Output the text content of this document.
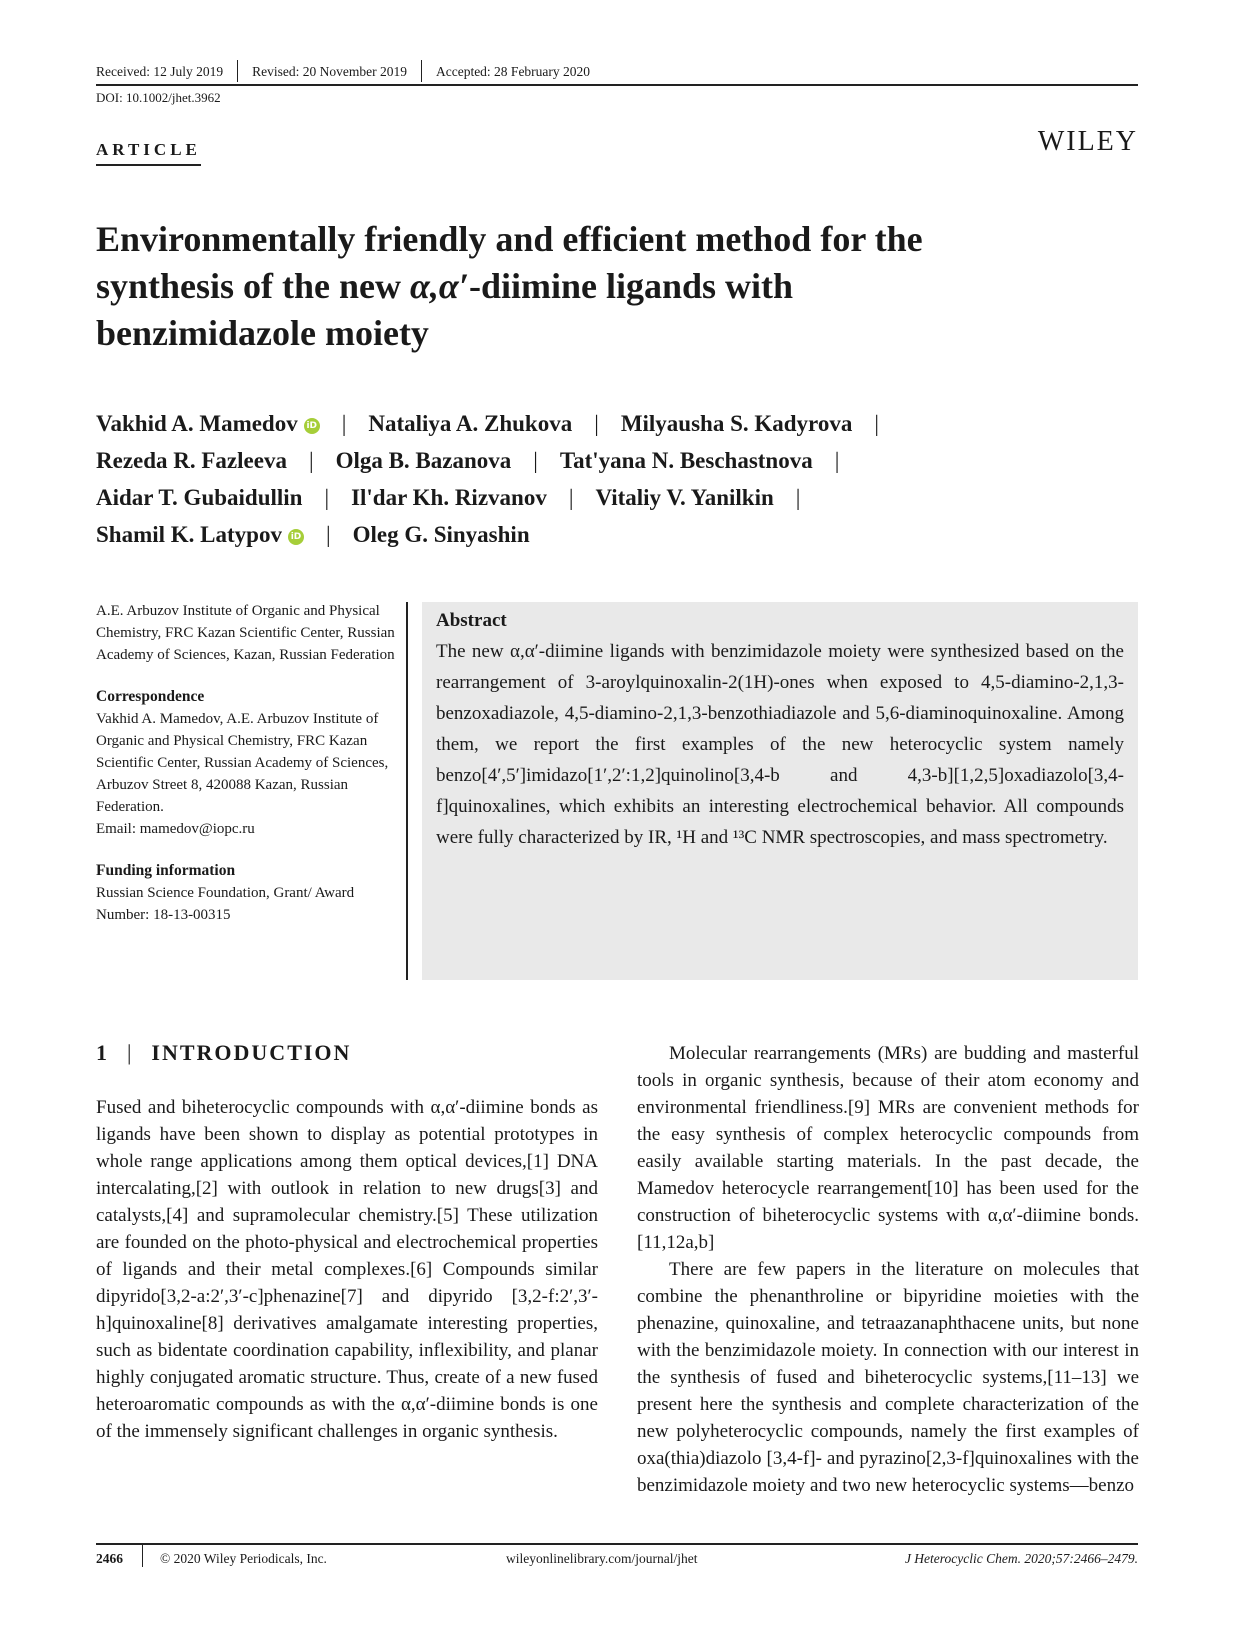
Received: 12 July 2019	Revised: 20 November 2019	Accepted: 28 February 2020
DOI: 10.1002/jhet.3962
ARTICLE	WILEY
Environmentally friendly and efficient method for the
synthesis of the new α,α′-diimine ligands with
benzimidazole moiety
Vakhid A. Mamedov iD | Nataliya A. Zhukova | Milyausha S. Kadyrova |
Rezeda R. Fazleeva | Olga B. Bazanova | Tat'yana N. Beschastnova |
Aidar T. Gubaidullin | Il'dar Kh. Rizvanov | Vitaliy V. Yanilkin |
Shamil K. Latypov iD | Oleg G. Sinyashin

A.E. Arbuzov Institute of Organic and Physical Chemistry, FRC Kazan Scientific Center, Russian Academy of Sciences, Kazan, Russian Federation

Correspondence

Vakhid A. Mamedov, A.E. Arbuzov Institute of Organic and Physical Chemistry, FRC Kazan Scientific Center, Russian Academy of Sciences, Arbuzov Street 8, 420088 Kazan, Russian Federation.

Email: mamedov@iopc.ru

Funding information

Russian Science Foundation, Grant/ Award Number: 18-13-00315

Abstract

The new α,α′-diimine ligands with benzimidazole moiety were synthesized based on the rearrangement of 3-aroylquinoxalin-2(1H)-ones when exposed to 4,5-diamino-2,1,3-benzoxadiazole, 4,5-diamino-2,1,3-benzothiadiazole and 5,6-diaminoquinoxaline. Among them, we report the first examples of the new heterocyclic system namely benzo[4′,5′]imidazo[1′,2′:1,2]quinolino[3,4-b and 4,3-b][1,2,5]oxadiazolo[3,4-f]quinoxalines, which exhibits an interesting electrochemical behavior. All compounds were fully characterized by IR, ¹H and ¹³C NMR spectroscopies, and mass spectrometry.

1 | INTRODUCTION

Fused and biheterocyclic compounds with α,α′-diimine bonds as ligands have been shown to display as potential prototypes in whole range applications among them optical devices,[1] DNA intercalating,[2] with outlook in relation to new drugs[3] and catalysts,[4] and supramolecular chemistry.[5] These utilization are founded on the photo-physical and electrochemical properties of ligands and their metal complexes.[6] Compounds similar dipyrido[3,2-a:2′,3′-c]phenazine[7] and dipyrido [3,2-f:2′,3′-h]quinoxaline[8] derivatives amalgamate interesting properties, such as bidentate coordination capability, inflexibility, and planar highly conjugated aromatic structure. Thus, create of a new fused heteroaromatic compounds as with the α,α′-diimine bonds is one of the immensely significant challenges in organic synthesis.

Molecular rearrangements (MRs) are budding and masterful tools in organic synthesis, because of their atom economy and environmental friendliness.[9] MRs are convenient methods for the easy synthesis of complex heterocyclic compounds from easily available starting materials. In the past decade, the Mamedov heterocycle rearrangement[10] has been used for the construction of biheterocyclic systems with α,α′-diimine bonds.[11,12a,b]

There are few papers in the literature on molecules that combine the phenanthroline or bipyridine moieties with the phenazine, quinoxaline, and tetraazanaphthacene units, but none with the benzimidazole moiety. In connection with our interest in the synthesis of fused and biheterocyclic systems,[11–13] we present here the synthesis and complete characterization of the new polyheterocyclic compounds, namely the first examples of oxa(thia)diazolo [3,4-f]- and pyrazino[2,3-f]quinoxalines with the benzimidazole moiety and two new heterocyclic systems—benzo

2466	© 2020 Wiley Periodicals, Inc.	wileyonlinelibrary.com/journal/jhet	J Heterocyclic Chem. 2020;57:2466–2479.
